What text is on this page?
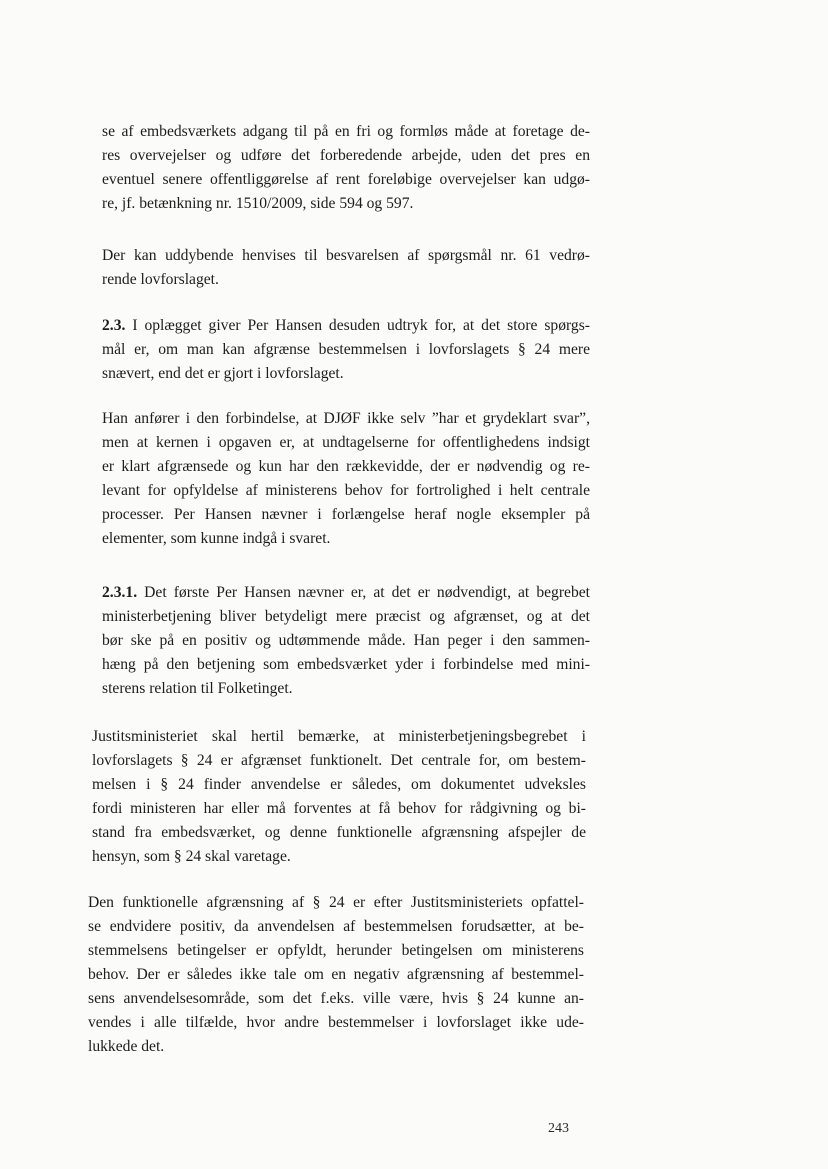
se af embedsværkets adgang til på en fri og formløs måde at foretage de-
res overvejelser og udføre det forberedende arbejde, uden det pres en
eventuel senere offentliggørelse af rent foreløbige overvejelser kan udgø-
re, jf. betænkning nr. 1510/2009, side 594 og 597.
Der kan uddybende henvises til besvarelsen af spørgsmål nr. 61 vedrø-
rende lovforslaget.
2.3. I oplægget giver Per Hansen desuden udtryk for, at det store spørgs-
mål er, om man kan afgrænse bestemmelsen i lovforslagets § 24 mere
snævert, end det er gjort i lovforslaget.
Han anfører i den forbindelse, at DJØF ikke selv ”har et grydeklart svar”,
men at kernen i opgaven er, at undtagelserne for offentlighedens indsigt
er klart afgrænsede og kun har den rækkevidde, der er nødvendig og re-
levant for opfyldelse af ministerens behov for fortrolighed i helt centrale
processer. Per Hansen nævner i forlængelse heraf nogle eksempler på
elementer, som kunne indgå i svaret.
2.3.1. Det første Per Hansen nævner er, at det er nødvendigt, at begrebet
ministerbetjening bliver betydeligt mere præcist og afgrænset, og at det
bør ske på en positiv og udtømmende måde. Han peger i den sammen-
hæng på den betjening som embedsværket yder i forbindelse med mini-
sterens relation til Folketinget.
Justitsministeriet skal hertil bemærke, at ministerbetjeningsbegrebet i
lovforslagets § 24 er afgrænset funktionelt. Det centrale for, om bestem-
melsen i § 24 finder anvendelse er således, om dokumentet udveksles
fordi ministeren har eller må forventes at få behov for rådgivning og bi-
stand fra embedsværket, og denne funktionelle afgrænsning afspejler de
hensyn, som § 24 skal varetage.
Den funktionelle afgrænsning af § 24 er efter Justitsministeriets opfattel-
se endvidere positiv, da anvendelsen af bestemmelsen forudsætter, at be-
stemmelsens betingelser er opfyldt, herunder betingelsen om ministerens
behov. Der er således ikke tale om en negativ afgrænsning af bestemmel-
sens anvendelsesområde, som det f.eks. ville være, hvis § 24 kunne an-
vendes i alle tilfælde, hvor andre bestemmelser i lovforslaget ikke ude-
lukkede det.
243
